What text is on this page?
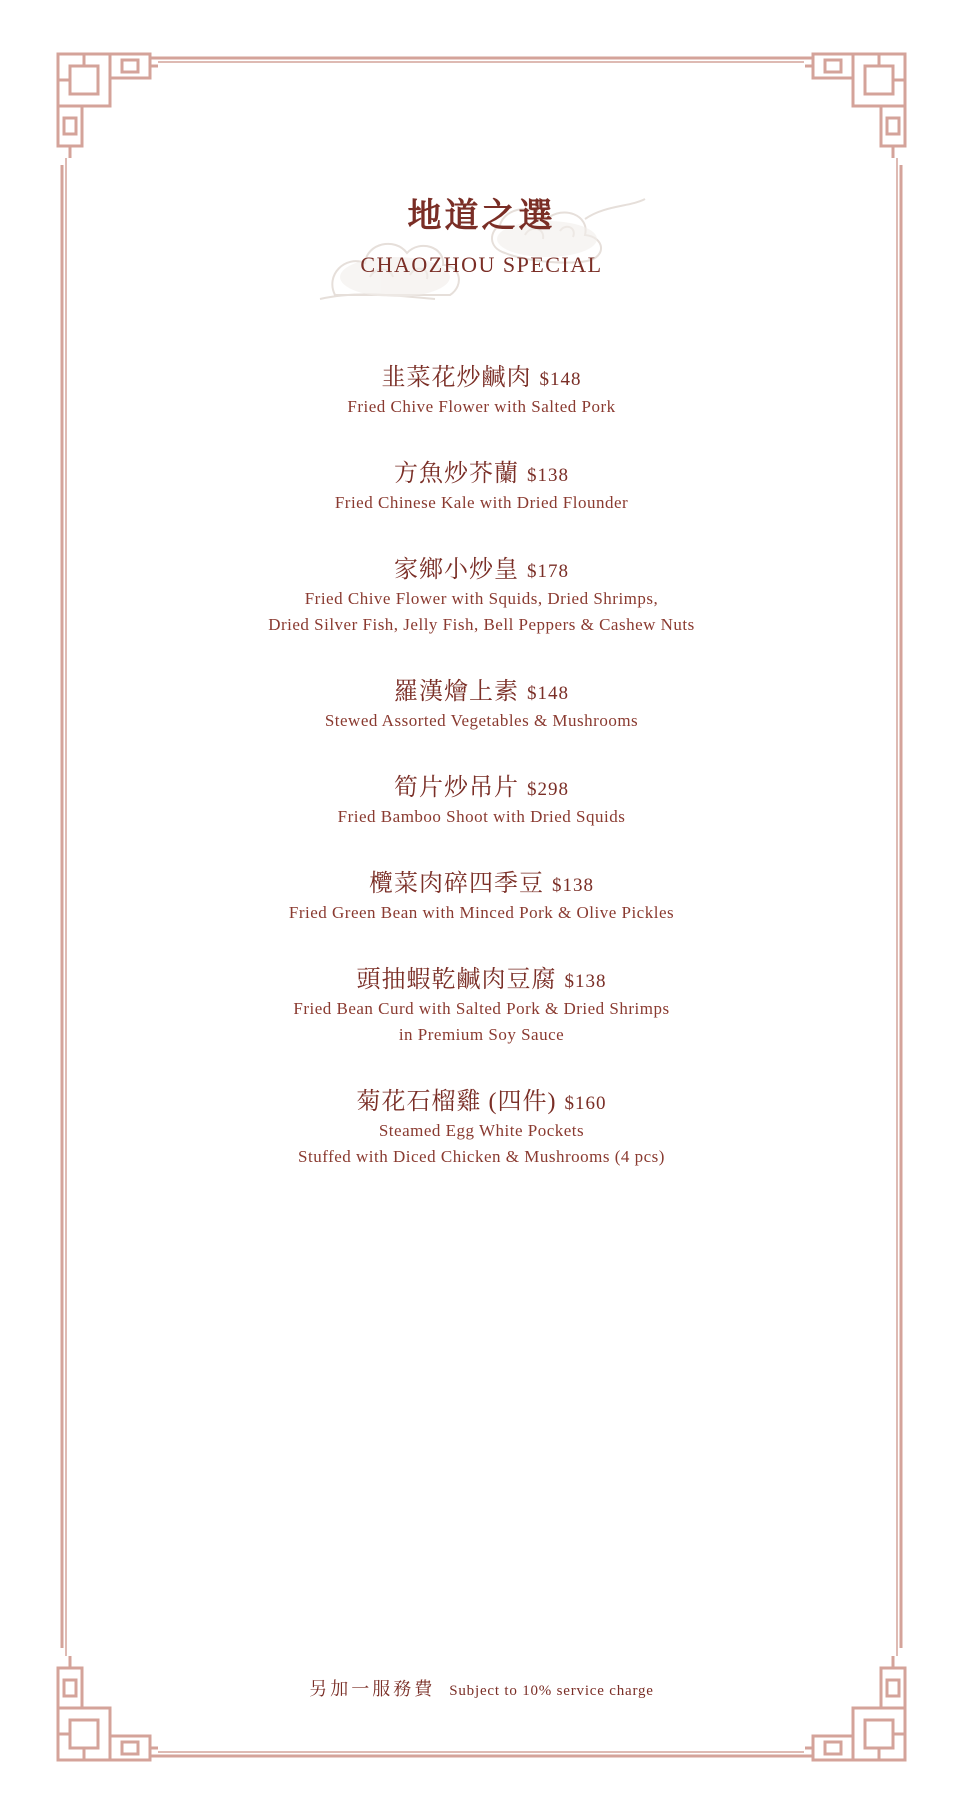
地道之選
CHAOZHOU SPECIAL
韭菜花炒鹹肉 $148
Fried Chive Flower with Salted Pork
方魚炒芥蘭 $138
Fried Chinese Kale with Dried Flounder
家鄉小炒皇 $178
Fried Chive Flower with Squids, Dried Shrimps,
Dried Silver Fish, Jelly Fish, Bell Peppers & Cashew Nuts
羅漢燴上素 $148
Stewed Assorted Vegetables & Mushrooms
筍片炒吊片 $298
Fried Bamboo Shoot with Dried Squids
欖菜肉碎四季豆 $138
Fried Green Bean with Minced Pork & Olive Pickles
頭抽蝦乾鹹肉豆腐 $138
Fried Bean Curd with Salted Pork & Dried Shrimps
in Premium Soy Sauce
菊花石榴雞 (四件) $160
Steamed Egg White Pockets
Stuffed with Diced Chicken & Mushrooms (4 pcs)
另加一服務費 Subject to 10% service charge
